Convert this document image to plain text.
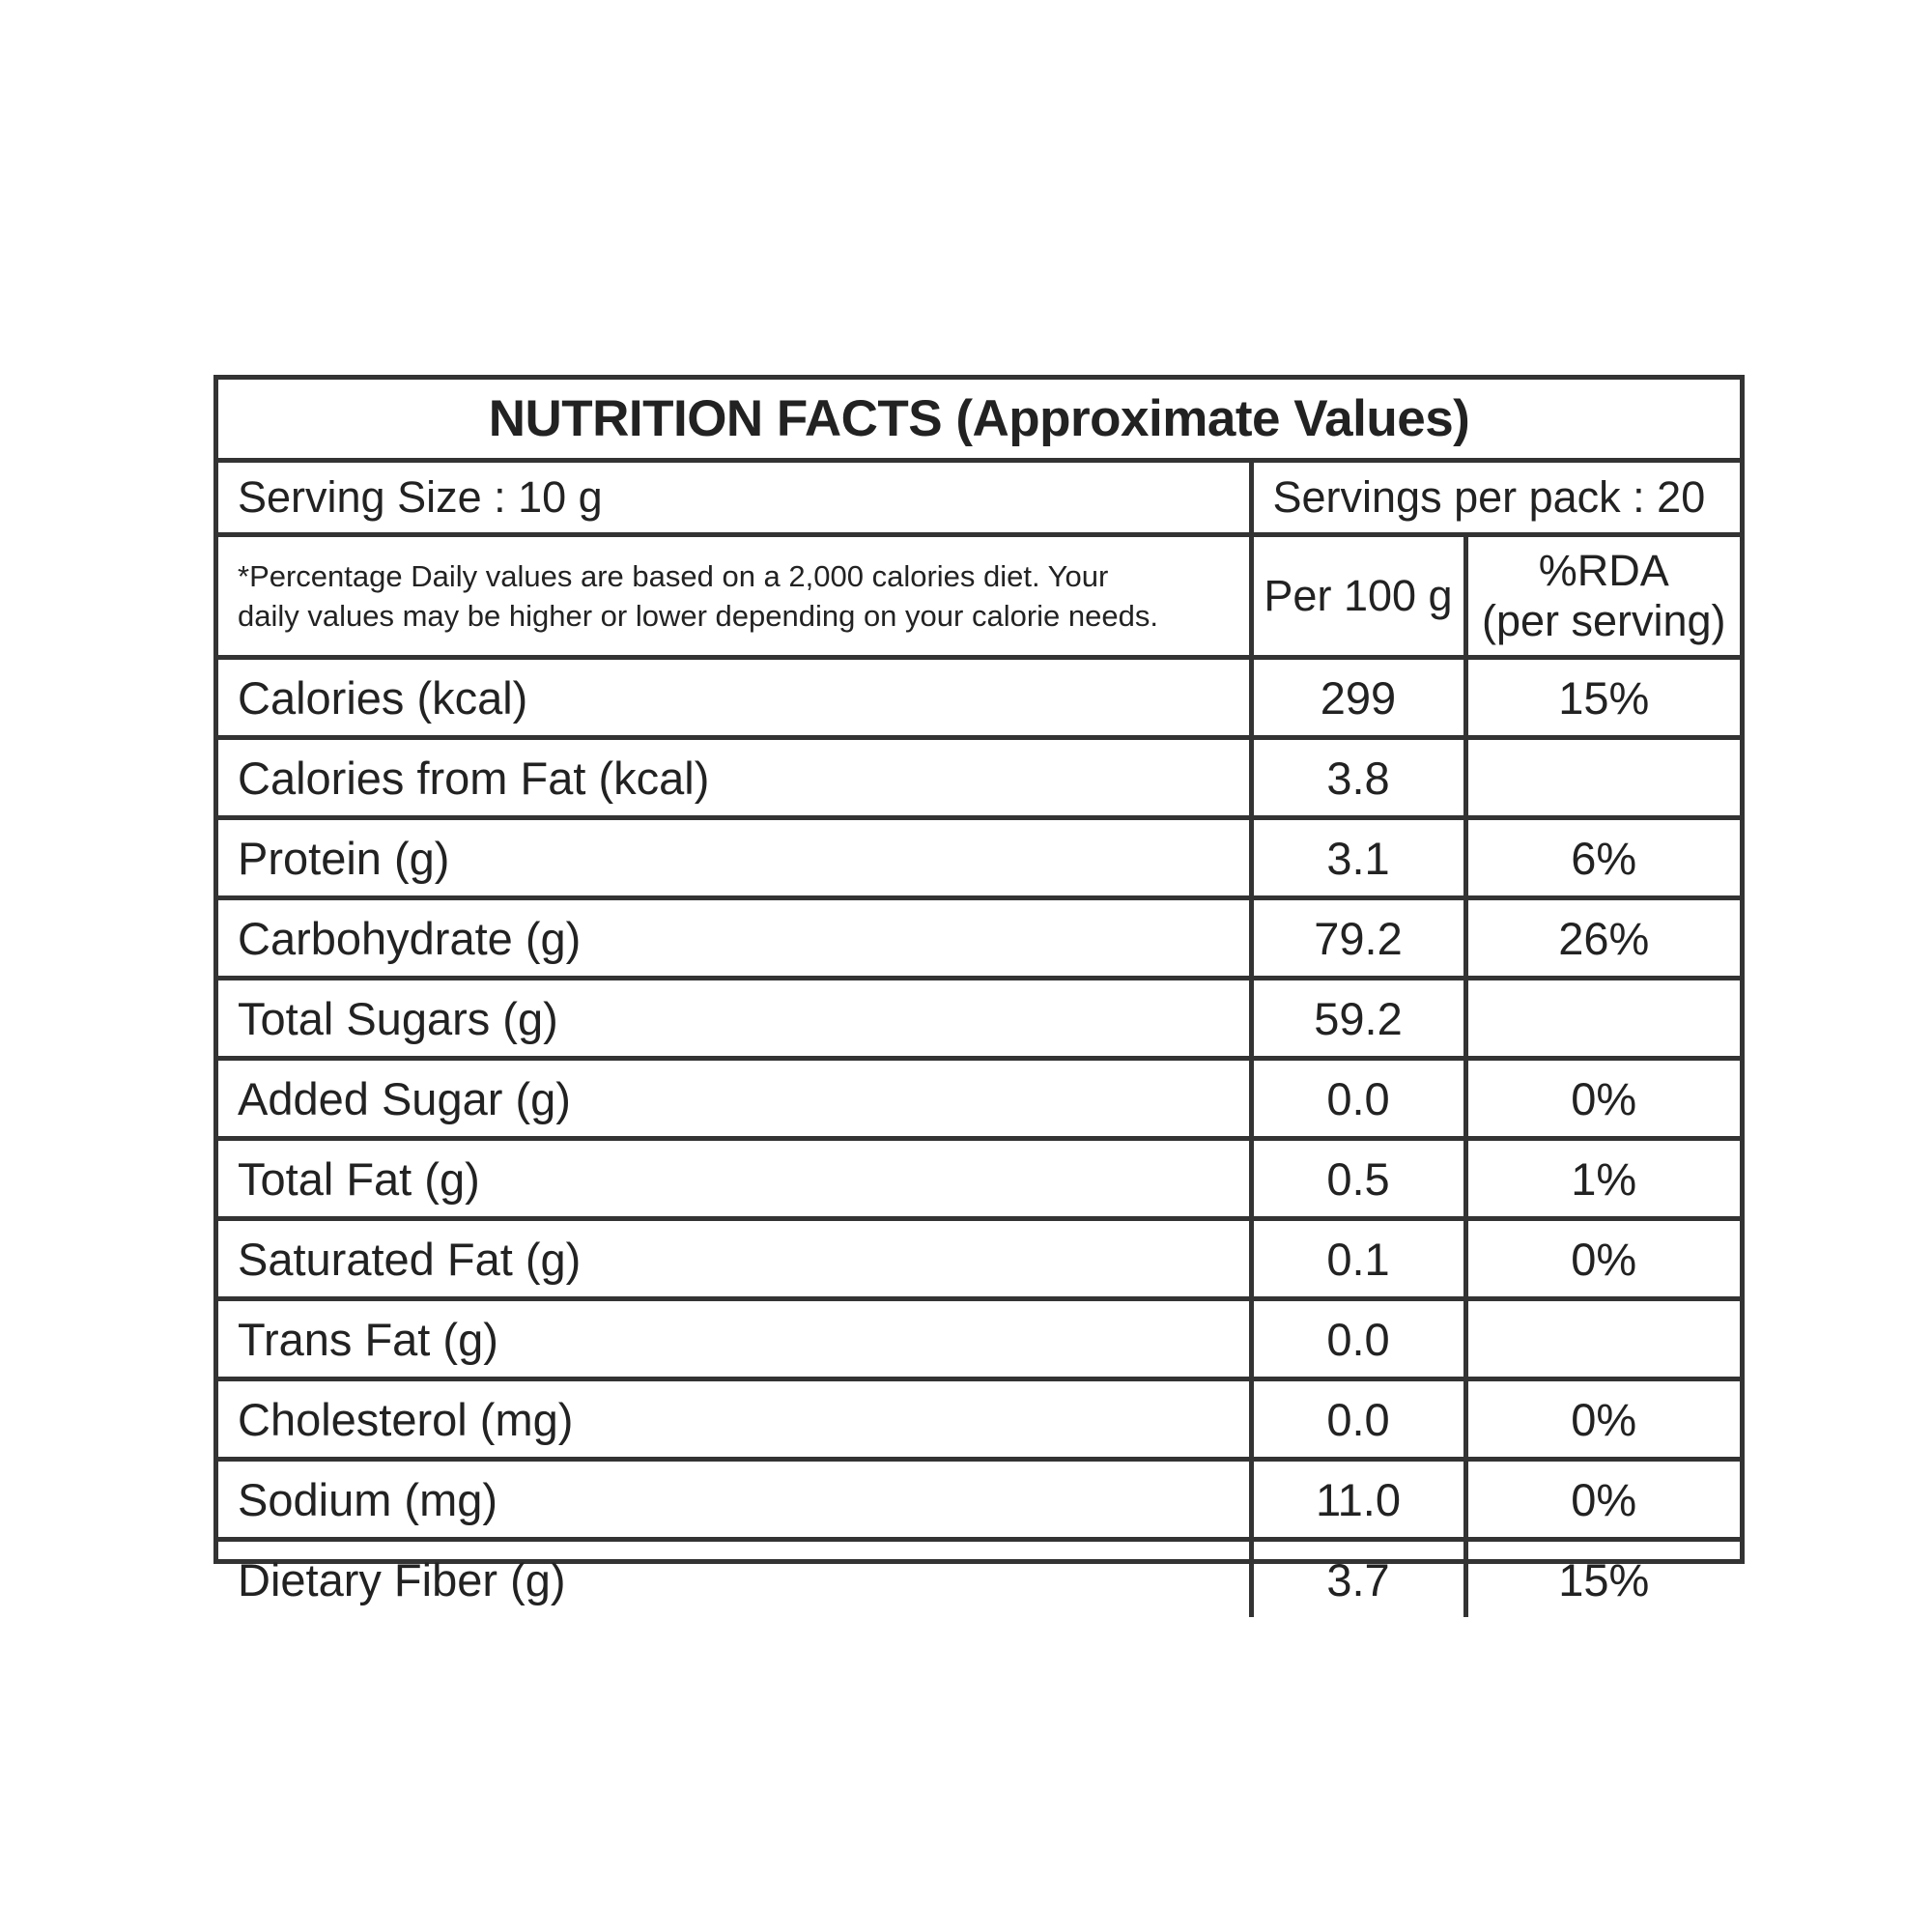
NUTRITION FACTS (Approximate Values)		
Serving Size : 10 g	Servings per pack : 20	

*Percentage Daily values are based on a 2,000 calories diet. Your
daily values may be higher or lower depending on your calorie needs.	Per 100 g	%RDA
(per serving)

Calories (kcal)	299	15%
Calories from Fat (kcal)	3.8	
Protein (g)	3.1	6%
Carbohydrate (g)	79.2	26%
Total Sugars (g)	59.2	
Added Sugar (g)	0.0	0%
Total Fat (g)	0.5	1%
Saturated Fat (g)	0.1	0%
Trans Fat (g)	0.0	
Cholesterol (mg)	0.0	0%
Sodium (mg)	11.0	0%
Dietary Fiber (g)	3.7	15%
